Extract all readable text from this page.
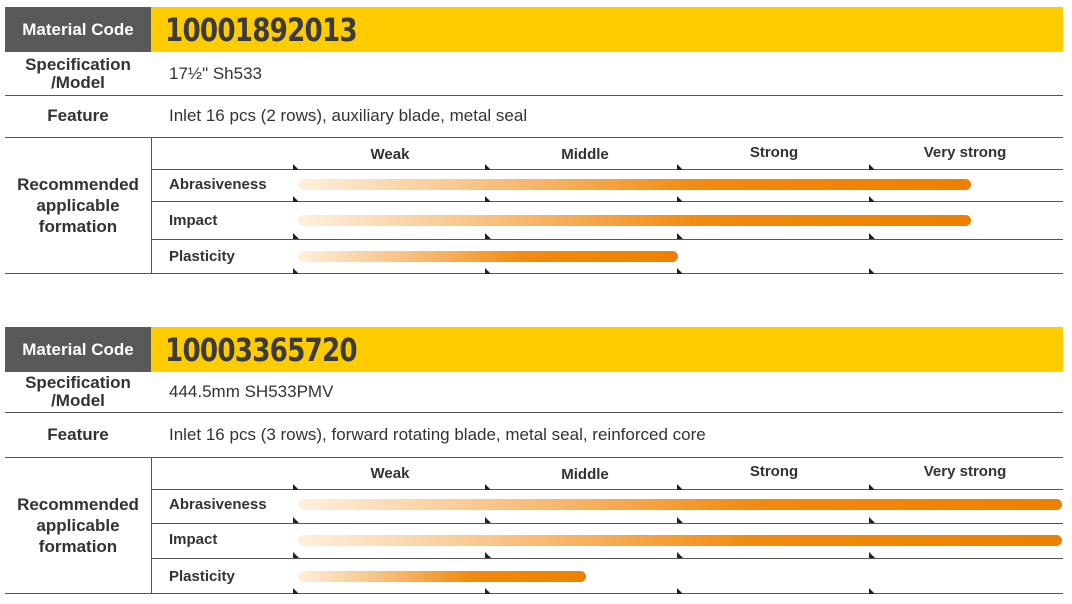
Material Code 10001892013
Specification /Model	17½" Sh533
Feature	Inlet 16 pcs (2 rows), auxiliary blade, metal seal
Recommended applicable formation
Weak	Middle	Strong	Very strong
Abrasiveness
Impact
Plasticity
Material Code 10003365720
Specification /Model	444.5mm SH533PMV
Feature	Inlet 16 pcs (3 rows), forward rotating blade, metal seal, reinforced core
Recommended applicable formation
Weak	Middle	Strong	Very strong
Abrasiveness
Impact
Plasticity
